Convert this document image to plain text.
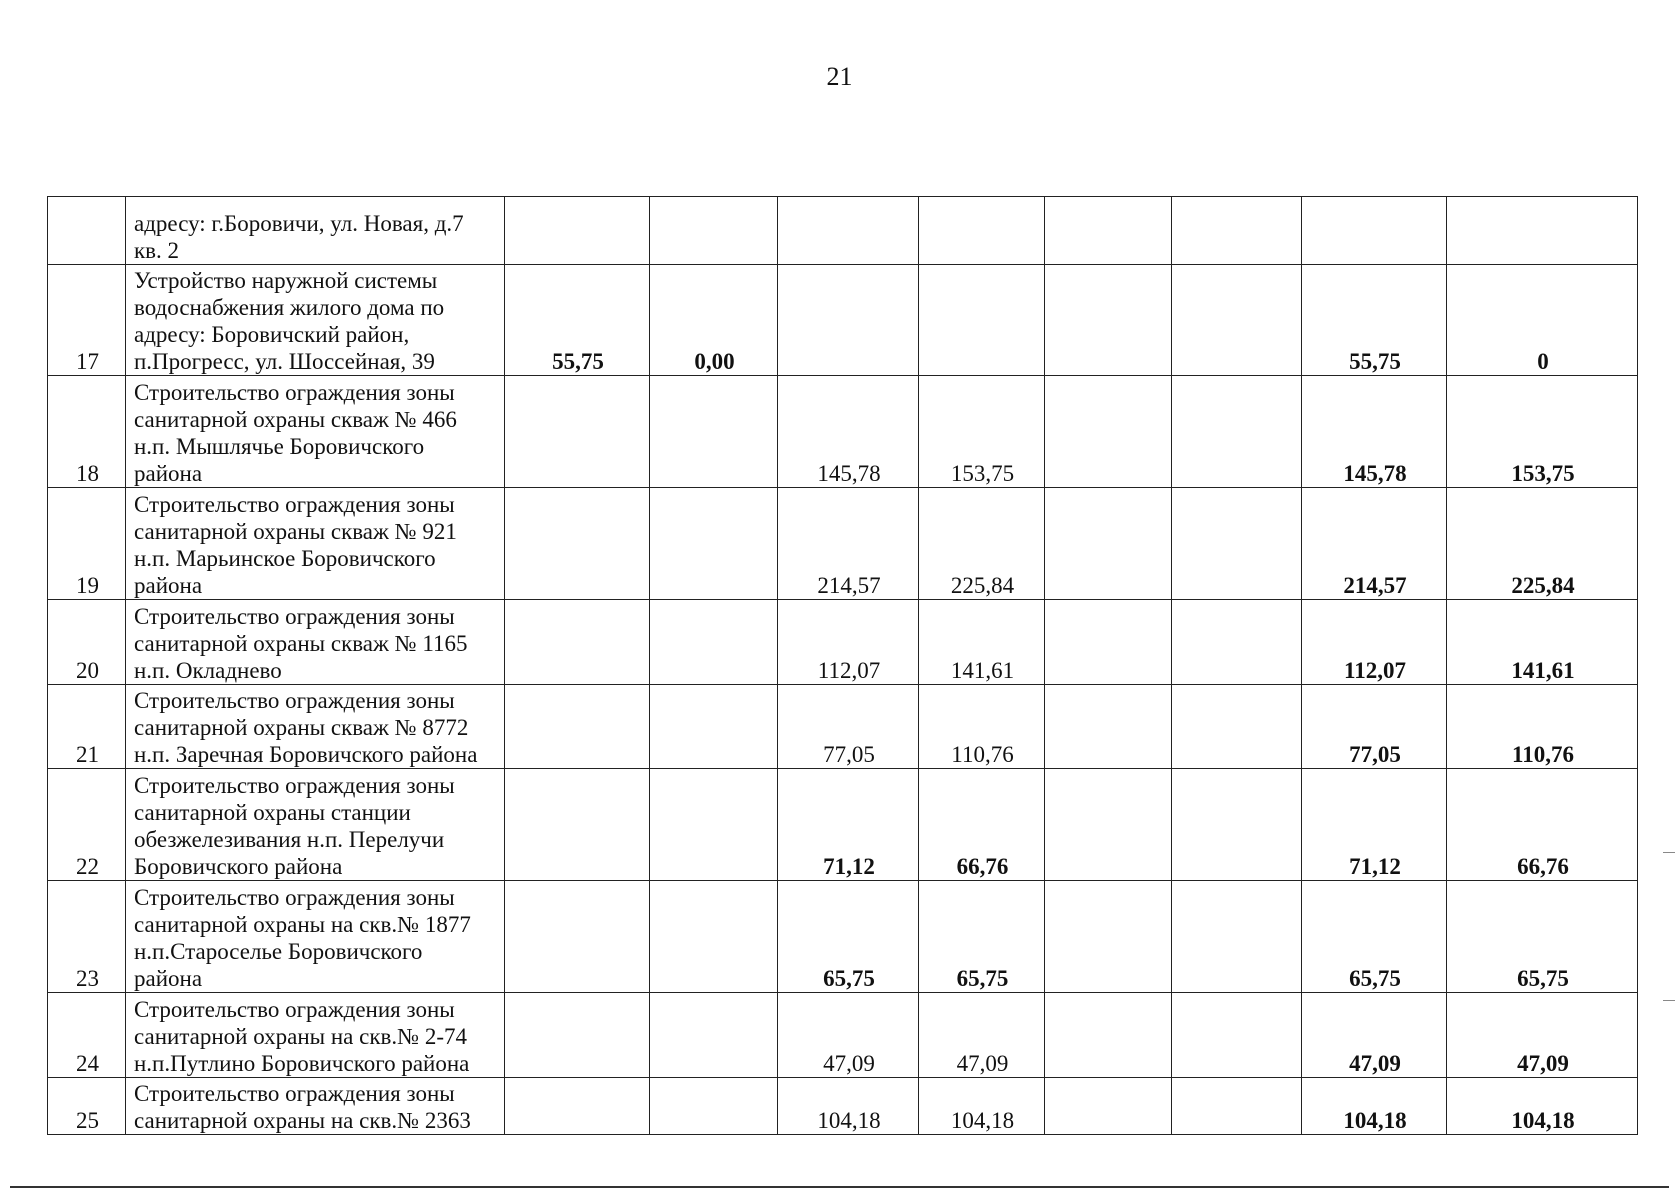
21

	адресу: г.Боровичи, ул. Новая, д.7
кв. 2								

17	Устройство наружной системы
водоснабжения жилого дома по
адресу: Боровичский район,
п.Прогресс, ул. Шоссейная, 39	55,75	0,00					55,75	0
18	Строительство ограждения зоны
санитарной охраны скваж № 466
н.п. Мышлячье Боровичского
района			145,78	153,75			145,78	153,75
19	Строительство ограждения зоны
санитарной охраны скваж № 921
н.п. Марьинское Боровичского
района			214,57	225,84			214,57	225,84
20	Строительство ограждения зоны
санитарной охраны скваж № 1165
н.п. Окладнево			112,07	141,61			112,07	141,61
21	Строительство ограждения зоны
санитарной охраны скваж № 8772
н.п. Заречная Боровичского района			77,05	110,76			77,05	110,76
22	Строительство ограждения зоны
санитарной охраны станции
обезжелезивания н.п. Перелучи
Боровичского района			71,12	66,76			71,12	66,76
23	Строительство ограждения зоны
санитарной охраны на скв.№ 1877
н.п.Староселье Боровичского
района			65,75	65,75			65,75	65,75
24	Строительство ограждения зоны
санитарной охраны на скв.№ 2-74
н.п.Путлино Боровичского района			47,09	47,09			47,09	47,09
25	Строительство ограждения зоны
санитарной охраны на скв.№ 2363			104,18	104,18			104,18	104,18
